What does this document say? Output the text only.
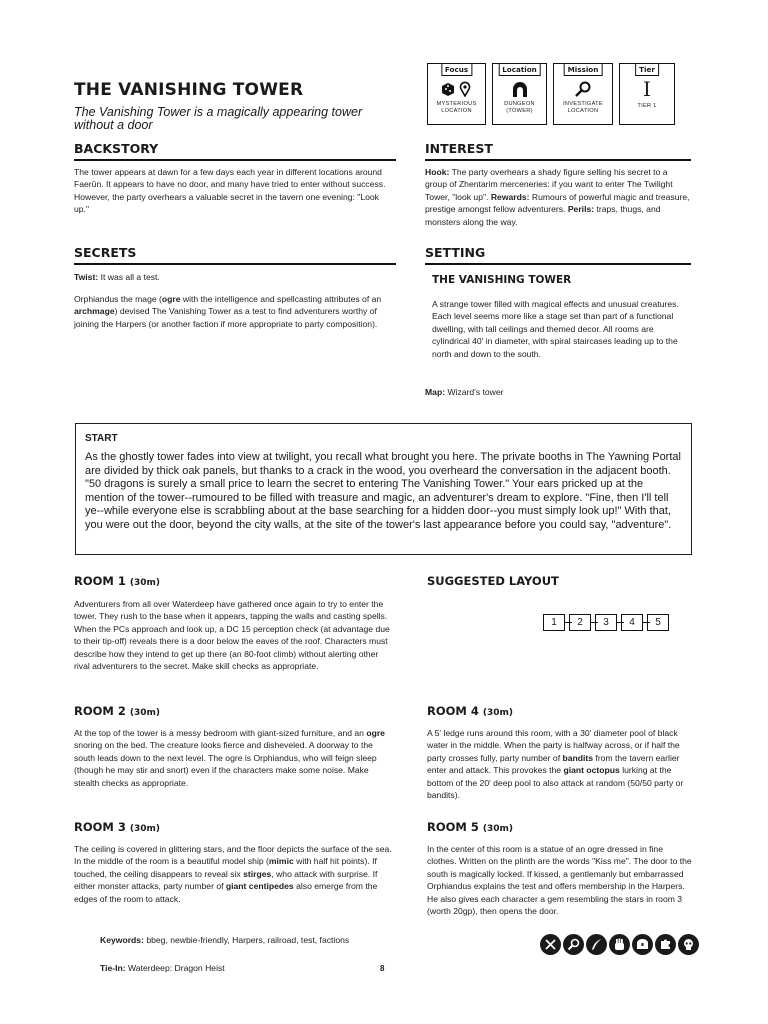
THE VANISHING TOWER
The Vanishing Tower is a magically appearing tower without a door
Focus
MYSTERIOUS
LOCATION
Location
DUNGEON
(TOWER)
Mission
INVESTIGATE
LOCATION
Tier
I
TIER 1
BACKSTORY
The tower appears at dawn for a few days each year in different locations around Faerûn. It appears to have no door, and many have tried to enter without success. However, the party overhears a valuable secret in the tavern one evening: "Look up."
INTEREST
Hook: The party overhears a shady figure selling his secret to a group of Zhentarim merceneries: if you want to enter The Twilight Tower, "look up". Rewards: Rumours of powerful magic and treasure, prestige amongst fellow adventurers. Perils: traps, thugs, and monsters along the way.
SECRETS
Twist: It was all a test.
Orphiandus the mage (ogre with the intelligence and spellcasting attributes of an archmage) devised The Vanishing Tower as a test to find adventurers worthy of joining the Harpers (or another faction if more appropriate to party composition).
SETTING
THE VANISHING TOWER
A strange tower filled with magical effects and unusual creatures. Each level seems more like a stage set than part of a functional dwelling, with tall ceilings and themed decor. All rooms are cylindrical 40' in diameter, with spiral staircases leading up to the north and down to the south.
Map: Wizard's tower
START
As the ghostly tower fades into view at twilight, you recall what brought you here. The private booths in The Yawning Portal are divided by thick oak panels, but thanks to a crack in the wood, you overheard the conversation in the adjacent booth. "50 dragons is surely a small price to learn the secret to entering The Vanishing Tower." Your ears pricked up at the mention of the tower--rumoured to be filled with treasure and magic, an adventurer's dream to explore. "Fine, then I'll tell ye--while everyone else is scrabbling about at the base searching for a hidden door--you must simply look up!" With that, you were out the door, beyond the city walls, at the site of the tower's last appearance before you could say, "adventure".
ROOM 1 (30m)
Adventurers from all over Waterdeep have gathered once again to try to enter the tower. They rush to the base when it appears, tapping the walls and casting spells. When the PCs approach and look up, a DC 15 perception check (at advantage due to their tip-off) reveals there is a door below the eaves of the roof. Characters must describe how they intend to get up there (an 80-foot climb) without alerting other rival adventurers to the secret. Make skill checks as appropriate.
SUGGESTED LAYOUT
1	2	3	4	5
ROOM 2 (30m)
At the top of the tower is a messy bedroom with giant-sized furniture, and an ogre snoring on the bed. The creature looks fierce and disheveled. A doorway to the south leads down to the next level. The ogre is Orphiandus, who will feign sleep (though he may stir and snort) even if the characters make some noise. Make stealth checks as appropriate.
ROOM 4 (30m)
A 5' ledge runs around this room, with a 30' diameter pool of black water in the middle. When the party is halfway across, or if half the party crosses fully, party number of bandits from the tavern earlier enter and attack. This provokes the giant octopus lurking at the bottom of the 20' deep pool to also attack at random (50/50 party or bandits).
ROOM 3 (30m)
The ceiling is covered in glittering stars, and the floor depicts the surface of the sea. In the middle of the room is a beautiful model ship (mimic with half hit points). If touched, the ceiling disappears to reveal six stirges, who attack with surprise. If either monster attacks, party number of giant centipedes also emerge from the edges of the room to attack.
ROOM 5 (30m)
In the center of this room is a statue of an ogre dressed in fine clothes. Written on the plinth are the words "Kiss me". The door to the south is magically locked. If kissed, a gentlemanly but embarrassed Orphiandus explains the test and offers membership in the Harpers. He also gives each character a gem resembling the stars in room 3 (worth 20gp), then opens the door.
Keywords: bbeg, newbie-friendly, Harpers, railroad, test, factions
Tie-In: Waterdeep: Dragon Heist	8
